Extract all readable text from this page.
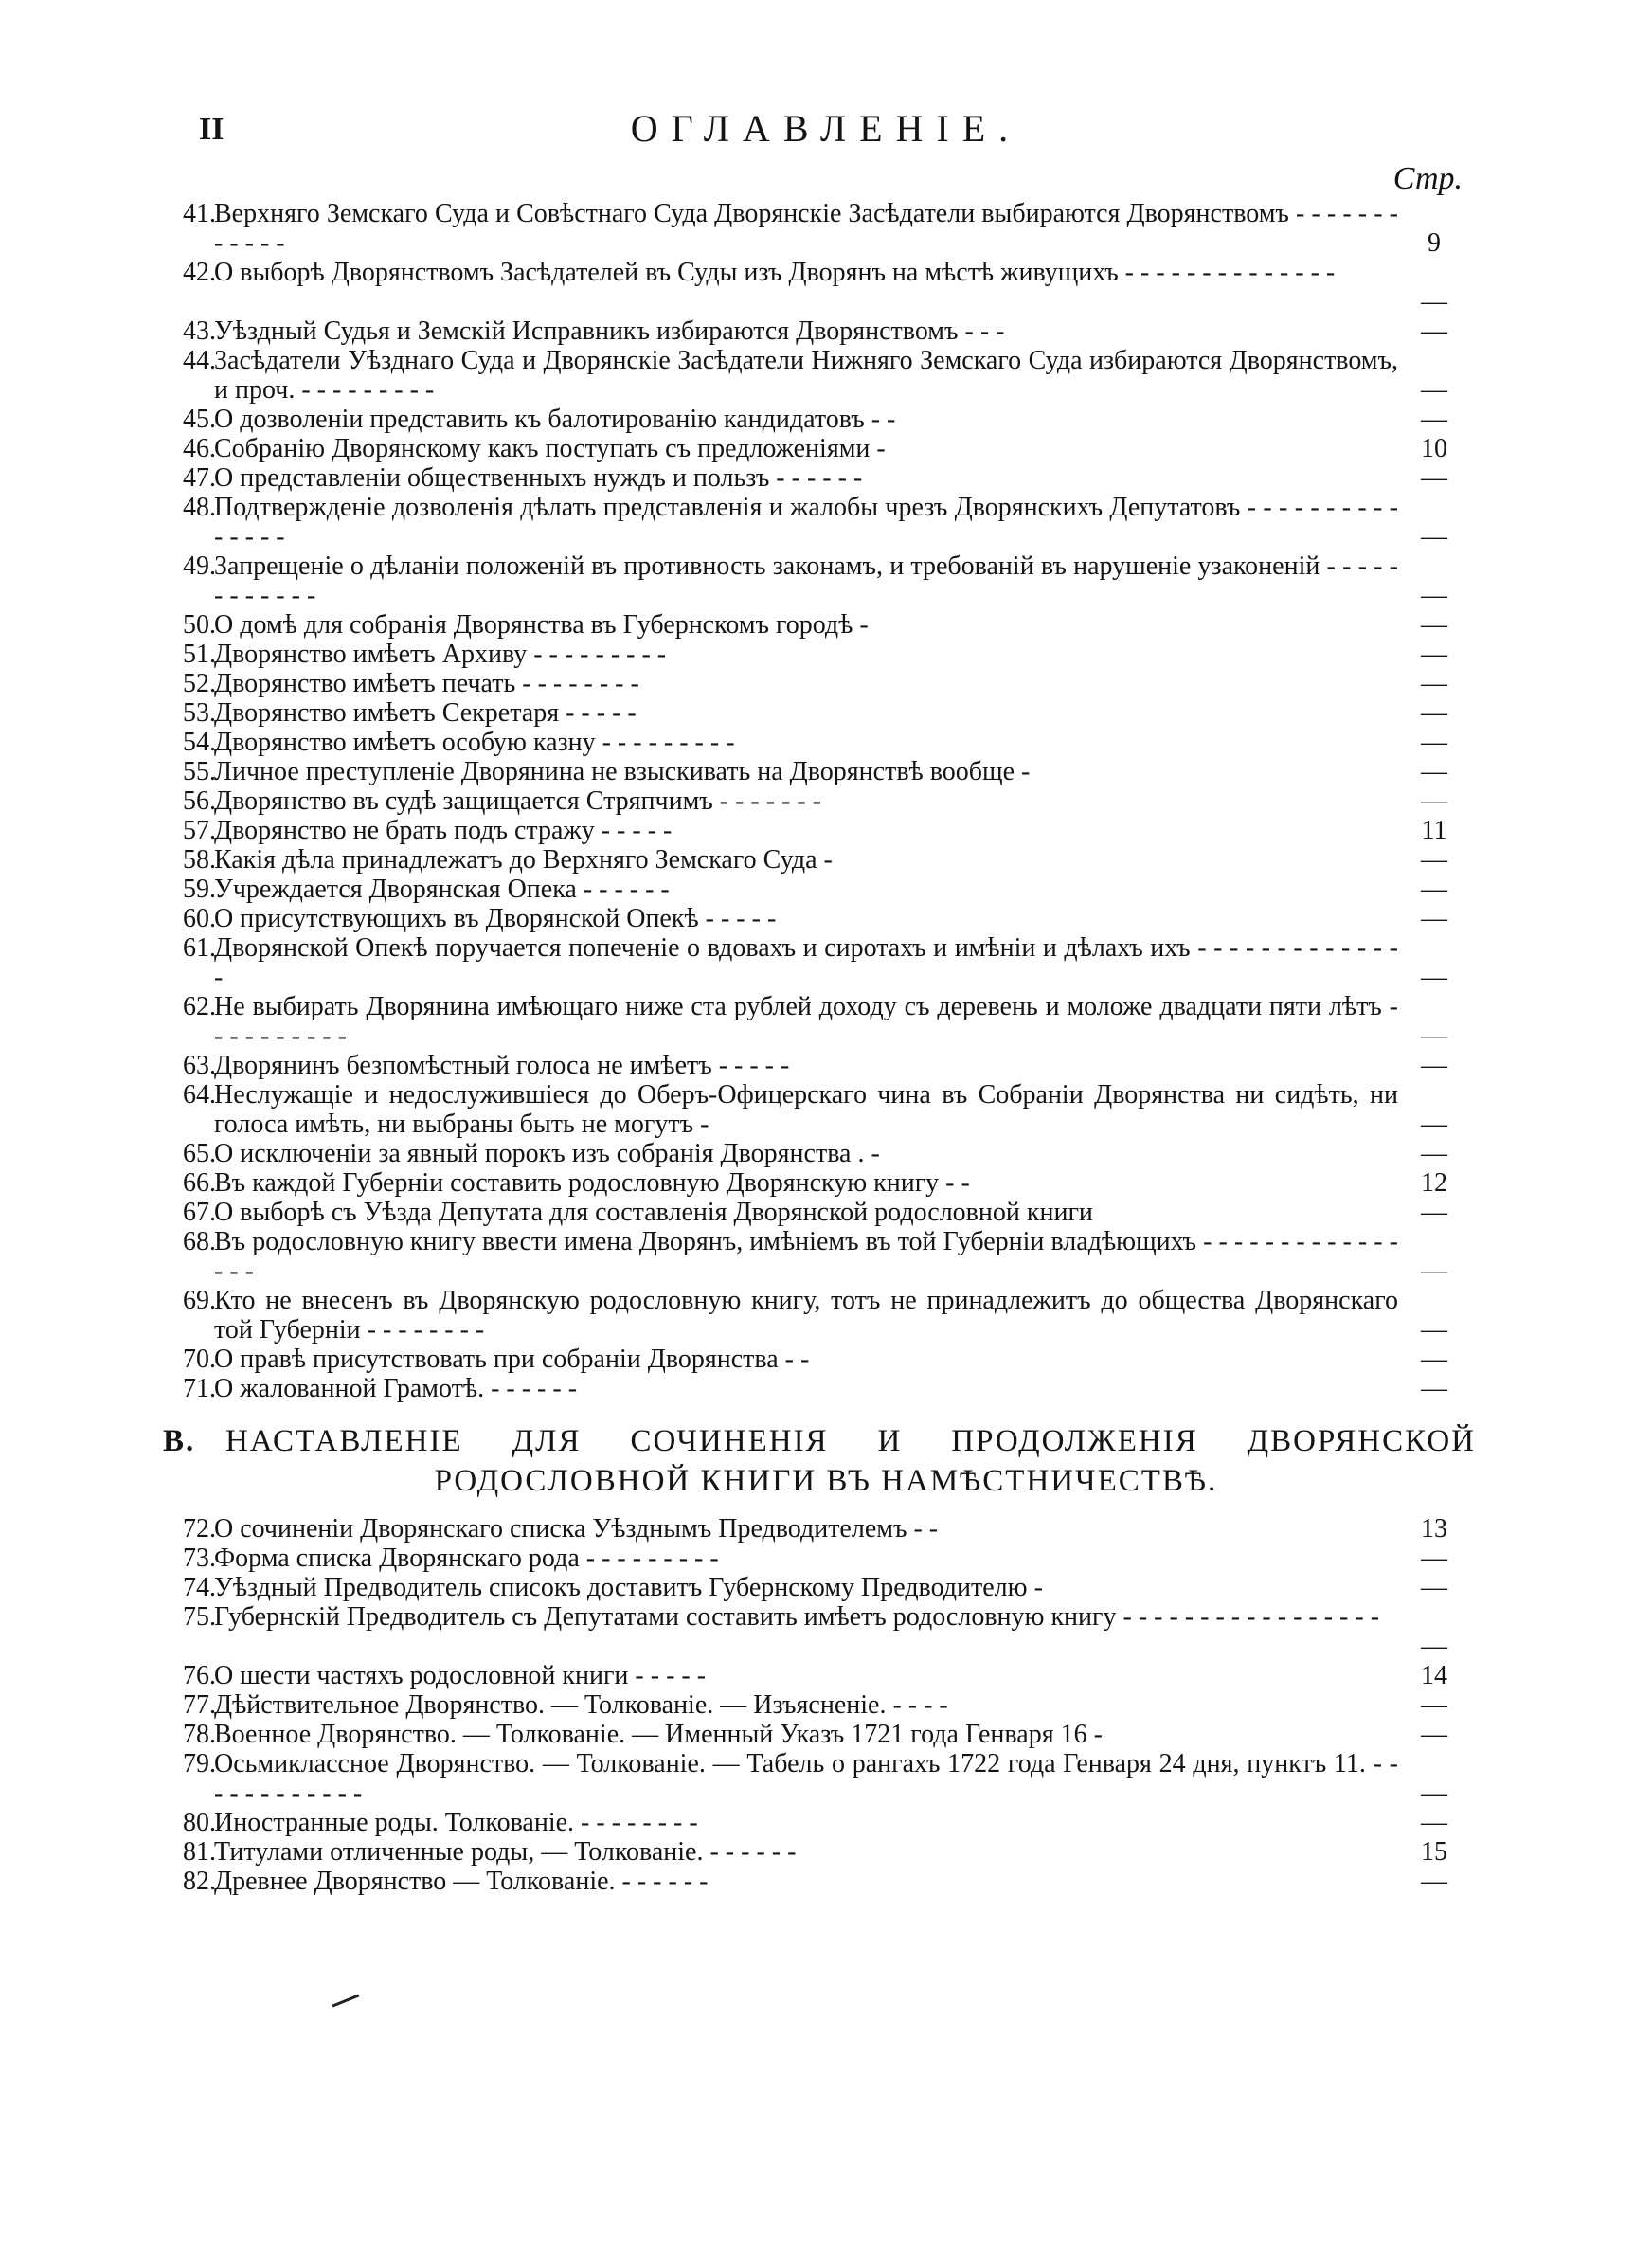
II	ОГЛАВЛЕНІЕ.
Стр.
41.
Верхняго Земскаго Суда и Совѣстнаго Суда Дворянскіе Засѣдатели выбираются Дворянствомъ - - - - - - - - - - - -	9
42.
О выборѣ Дворянствомъ Засѣдателей въ Суды изъ Дворянъ на мѣстѣ живущихъ - - - - - - - - - - - - - -
—
43.
Уѣздный Судья и Земскій Исправникъ избираются Дворянствомъ - - -	—
44.
Засѣдатели Уѣзднаго Суда и Дворянскіе Засѣдатели Нижняго Земскаго Суда избираются Дворянствомъ, и проч. - - - - - - - - -	—
45.
О дозволеніи представить къ балотированію кандидатовъ - -	—
46.
Собранію Дворянскому какъ поступать съ предложеніями -	10
47.
О представленіи общественныхъ нуждъ и пользъ - - - - - -	—
48.
Подтвержденіе дозволенія дѣлать представленія и жалобы чрезъ Дворянскихъ Депутатовъ - - - - - - - - - - - - - - -	—
49.
Запрещеніе о дѣланіи положеній въ противность законамъ, и требованій въ нарушеніе узаконеній - - - - - - - - - - - -	—
50.
О домѣ для собранія Дворянства въ Губернскомъ городѣ -	—
51.
Дворянство имѣетъ Архиву - - - - - - - - -	—
52.
Дворянство имѣетъ печать - - - - - - - -	—
53.
Дворянство имѣетъ Секретаря - - - - -	—
54.
Дворянство имѣетъ особую казну - - - - - - - - -	—
55.
Личное преступленіе Дворянина не взыскивать на Дворянствѣ вообще -	—
56.
Дворянство въ судѣ защищается Стряпчимъ - - - - - - -	—
57.
Дворянство не брать подъ стражу - - - - -	11
58.
Какія дѣла принадлежатъ до Верхняго Земскаго Суда -	—
59.
Учреждается Дворянская Опека - - - - - -	—
60.
О присутствующихъ въ Дворянской Опекѣ - - - - -	—
61.
Дворянской Опекѣ поручается попеченіе о вдовахъ и сиротахъ и имѣніи и дѣлахъ ихъ - - - - - - - - - - - - - -	—
62.
Не выбирать Дворянина имѣющаго ниже ста рублей доходу съ деревень и моложе двадцати пяти лѣтъ - - - - - - - - - -	—
63.
Дворянинъ безпомѣстный голоса не имѣетъ - - - - -	—
64.
Неслужащіе и недослужившіеся до Оберъ-Офицерскаго чина въ Собраніи Дворянства ни сидѣть, ни голоса имѣть, ни выбраны быть не могутъ -	—
65.
О исключеніи за явный порокъ изъ собранія Дворянства . -	—
66.
Въ каждой Губерніи составить родословную Дворянскую книгу - -	12
67.
О выборѣ съ Уѣзда Депутата для составленія Дворянской родословной книги	—
68.
Въ родословную книгу ввести имена Дворянъ, имѣніемъ въ той Губерніи владѣющихъ - - - - - - - - - - - - - - - -	—
69.
Кто не внесенъ въ Дворянскую родословную книгу, тотъ не принадлежитъ до общества Дворянскаго той Губерніи - - - - - - - -	—
70.
О правѣ присутствовать при собраніи Дворянства - -	—
71.
О жалованной Грамотѣ. - - - - - -	—
В. НАСТАВЛЕНІЕ ДЛЯ СОЧИНЕНІЯ И ПРОДОЛЖЕНІЯ ДВОРЯНСКОЙ
РОДОСЛОВНОЙ КНИГИ ВЪ НАМѢСТНИЧЕСТВѢ.
72.
О сочиненіи Дворянскаго списка Уѣзднымъ Предводителемъ - -	13
73.
Форма списка Дворянскаго рода - - - - - - - - -	—
74.
Уѣздный Предводитель списокъ доставитъ Губернскому Предводителю -	—
75.
Губернскій Предводитель съ Депутатами составить имѣетъ родословную книгу - - - - - - - - - - - - - - - - -
—
76.
О шести частяхъ родословной книги - - - - -	14
77.
Дѣйствительное Дворянство. — Толкованіе. — Изъясненіе. - - - -	—
78.
Военное Дворянство. — Толкованіе. — Именный Указъ 1721 года Генваря 16 -	—
79.
Осьмиклассное Дворянство. — Толкованіе. — Табель о рангахъ 1722 года Генваря 24 дня, пунктъ 11. - - - - - - - - - - - -	—
80.
Иностранные роды. Толкованіе. - - - - - - - -	—
81.
Титулами отличенные роды, — Толкованіе. - - - - - -	15
82.
Древнее Дворянство — Толкованіе. - - - - - -	—
